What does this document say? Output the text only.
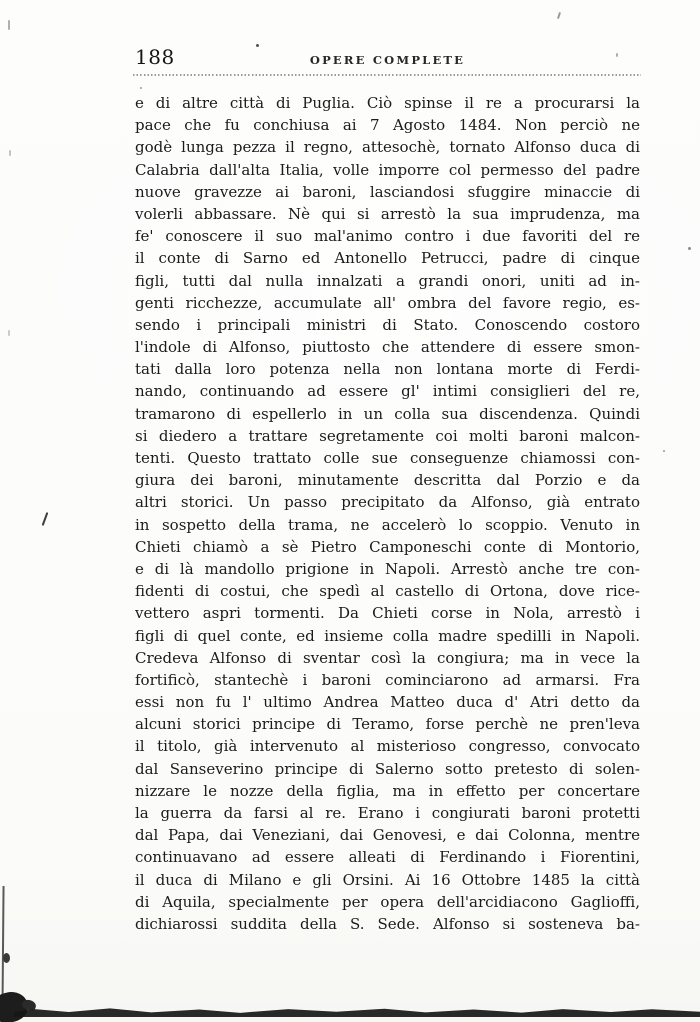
188	OPERE COMPLETE
e di altre città di Puglia. Ciò spinse il re a procurarsi la
pace che fu conchiusa ai 7 Agosto 1484. Non perciò ne
godè lunga pezza il regno, attesochè, tornato Alfonso duca di
Calabria dall'alta Italia, volle imporre col permesso del padre
nuove gravezze ai baroni, lasciandosi sfuggire minaccie di
volerli abbassare. Nè qui si arrestò la sua imprudenza, ma
fe' conoscere il suo mal'animo contro i due favoriti del re
il conte di Sarno ed Antonello Petrucci, padre di cinque
figli, tutti dal nulla innalzati a grandi onori, uniti ad in-
genti ricchezze, accumulate all' ombra del favore regio, es-
sendo i principali ministri di Stato. Conoscendo costoro
l'indole di Alfonso, piuttosto che attendere di essere smon-
tati dalla loro potenza nella non lontana morte di Ferdi-
nando, continuando ad essere gl' intimi consiglieri del re,
tramarono di espellerlo in un colla sua discendenza. Quindi
si diedero a trattare segretamente coi molti baroni malcon-
tenti. Questo trattato colle sue conseguenze chiamossi con-
giura dei baroni, minutamente descritta dal Porzio e da
altri storici. Un passo precipitato da Alfonso, già entrato
in sospetto della trama, ne accelerò lo scoppio. Venuto in
Chieti chiamò a sè Pietro Camponeschi conte di Montorio,
e di là mandollo prigione in Napoli. Arrestò anche tre con-
fidenti di costui, che spedì al castello di Ortona, dove rice-
vettero aspri tormenti. Da Chieti corse in Nola, arrestò i
figli di quel conte, ed insieme colla madre spedilli in Napoli.
Credeva Alfonso di sventar così la congiura; ma in vece la
fortificò, stantechè i baroni cominciarono ad armarsi. Fra
essi non fu l' ultimo Andrea Matteo duca d' Atri detto da
alcuni storici principe di Teramo, forse perchè ne pren'leva
il titolo, già intervenuto al misterioso congresso, convocato
dal Sanseverino principe di Salerno sotto pretesto di solen-
nizzare le nozze della figlia, ma in effetto per concertare
la guerra da farsi al re. Erano i congiurati baroni protetti
dal Papa, dai Veneziani, dai Genovesi, e dai Colonna, mentre
continuavano ad essere alleati di Ferdinando i Fiorentini,
il duca di Milano e gli Orsini. Ai 16 Ottobre 1485 la città
di Aquila, specialmente per opera dell'arcidiacono Gaglioffi,
dichiarossi suddita della S. Sede. Alfonso si sosteneva ba-
